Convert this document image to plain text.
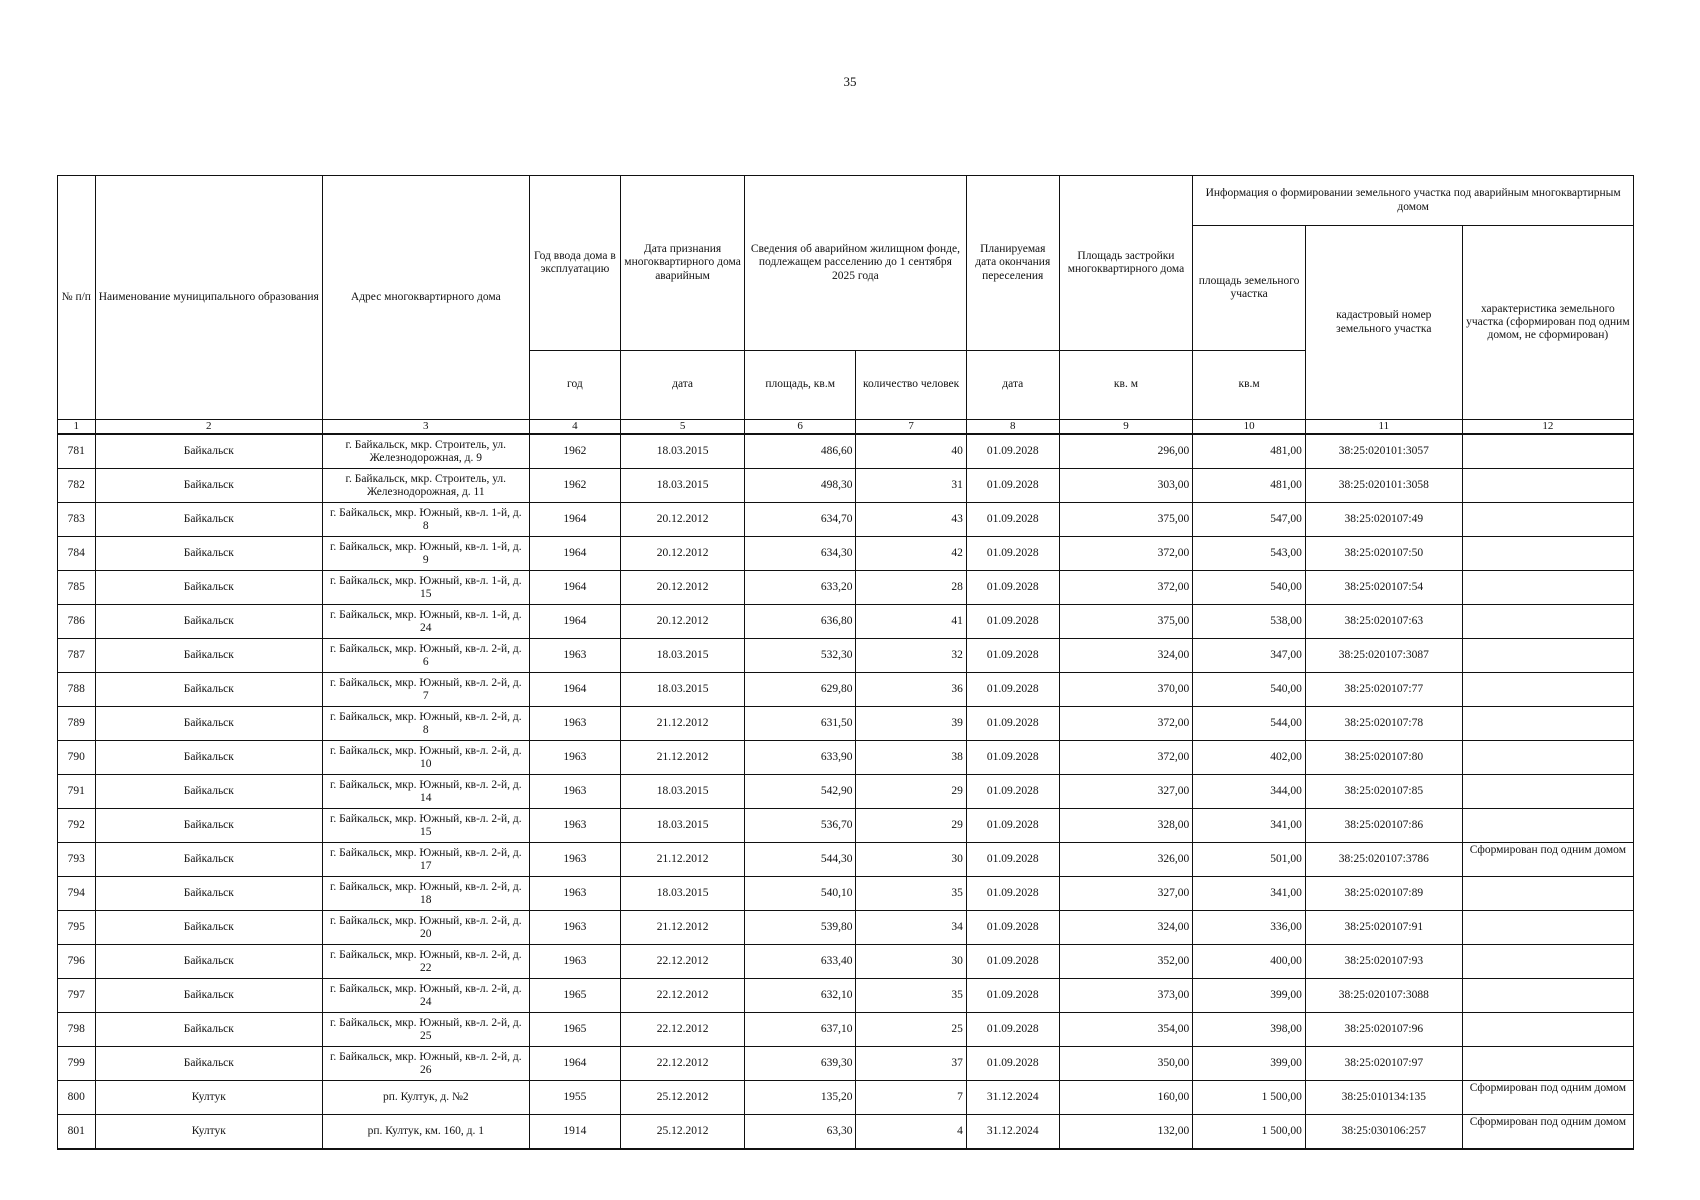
35
№ п/п	Наименование муниципального образования	Адрес многоквартирного дома	Год ввода дома в эксплуатацию	Дата признания многоквартирного дома аварийным	Сведения об аварийном жилищном фонде, подлежащем расселению до 1 сентября 2025 года		Планируемая дата окончания переселения	Площадь застройки многоквартирного дома	Информация о формировании земельного участка под аварийным многоквартирным домом		
									площадь земельного участка	кадастровый номер земельного участка	характеристика земельного участка (сформирован под одним домом, не сформирован)
			год	дата	площадь, кв.м	количество человек	дата	кв. м	кв.м		
1	2	3	4	5	6	7	8	9	10	11	12
781	Байкальск	г. Байкальск, мкр. Строитель, ул. Железнодорожная, д. 9	1962	18.03.2015	486,60	40	01.09.2028	296,00	481,00	38:25:020101:3057	
782	Байкальск	г. Байкальск, мкр. Строитель, ул. Железнодорожная, д. 11	1962	18.03.2015	498,30	31	01.09.2028	303,00	481,00	38:25:020101:3058	
783	Байкальск	г. Байкальск, мкр. Южный, кв-л. 1-й, д. 8	1964	20.12.2012	634,70	43	01.09.2028	375,00	547,00	38:25:020107:49	
784	Байкальск	г. Байкальск, мкр. Южный, кв-л. 1-й, д. 9	1964	20.12.2012	634,30	42	01.09.2028	372,00	543,00	38:25:020107:50	
785	Байкальск	г. Байкальск, мкр. Южный, кв-л. 1-й, д. 15	1964	20.12.2012	633,20	28	01.09.2028	372,00	540,00	38:25:020107:54	
786	Байкальск	г. Байкальск, мкр. Южный, кв-л. 1-й, д. 24	1964	20.12.2012	636,80	41	01.09.2028	375,00	538,00	38:25:020107:63	
787	Байкальск	г. Байкальск, мкр. Южный, кв-л. 2-й, д. 6	1963	18.03.2015	532,30	32	01.09.2028	324,00	347,00	38:25:020107:3087	
788	Байкальск	г. Байкальск, мкр. Южный, кв-л. 2-й, д. 7	1964	18.03.2015	629,80	36	01.09.2028	370,00	540,00	38:25:020107:77	
789	Байкальск	г. Байкальск, мкр. Южный, кв-л. 2-й, д. 8	1963	21.12.2012	631,50	39	01.09.2028	372,00	544,00	38:25:020107:78	
790	Байкальск	г. Байкальск, мкр. Южный, кв-л. 2-й, д. 10	1963	21.12.2012	633,90	38	01.09.2028	372,00	402,00	38:25:020107:80	
791	Байкальск	г. Байкальск, мкр. Южный, кв-л. 2-й, д. 14	1963	18.03.2015	542,90	29	01.09.2028	327,00	344,00	38:25:020107:85	
792	Байкальск	г. Байкальск, мкр. Южный, кв-л. 2-й, д. 15	1963	18.03.2015	536,70	29	01.09.2028	328,00	341,00	38:25:020107:86	
793	Байкальск	г. Байкальск, мкр. Южный, кв-л. 2-й, д. 17	1963	21.12.2012	544,30	30	01.09.2028	326,00	501,00	38:25:020107:3786	Сформирован под одним домом
794	Байкальск	г. Байкальск, мкр. Южный, кв-л. 2-й, д. 18	1963	18.03.2015	540,10	35	01.09.2028	327,00	341,00	38:25:020107:89	
795	Байкальск	г. Байкальск, мкр. Южный, кв-л. 2-й, д. 20	1963	21.12.2012	539,80	34	01.09.2028	324,00	336,00	38:25:020107:91	
796	Байкальск	г. Байкальск, мкр. Южный, кв-л. 2-й, д. 22	1963	22.12.2012	633,40	30	01.09.2028	352,00	400,00	38:25:020107:93	
797	Байкальск	г. Байкальск, мкр. Южный, кв-л. 2-й, д. 24	1965	22.12.2012	632,10	35	01.09.2028	373,00	399,00	38:25:020107:3088	
798	Байкальск	г. Байкальск, мкр. Южный, кв-л. 2-й, д. 25	1965	22.12.2012	637,10	25	01.09.2028	354,00	398,00	38:25:020107:96	
799	Байкальск	г. Байкальск, мкр. Южный, кв-л. 2-й, д. 26	1964	22.12.2012	639,30	37	01.09.2028	350,00	399,00	38:25:020107:97	
800	Култук	рп. Култук, д. №2	1955	25.12.2012	135,20	7	31.12.2024	160,00	1 500,00	38:25:010134:135	Сформирован под одним домом
801	Култук	рп. Култук, км. 160, д. 1	1914	25.12.2012	63,30	4	31.12.2024	132,00	1 500,00	38:25:030106:257	Сформирован под одним домом
